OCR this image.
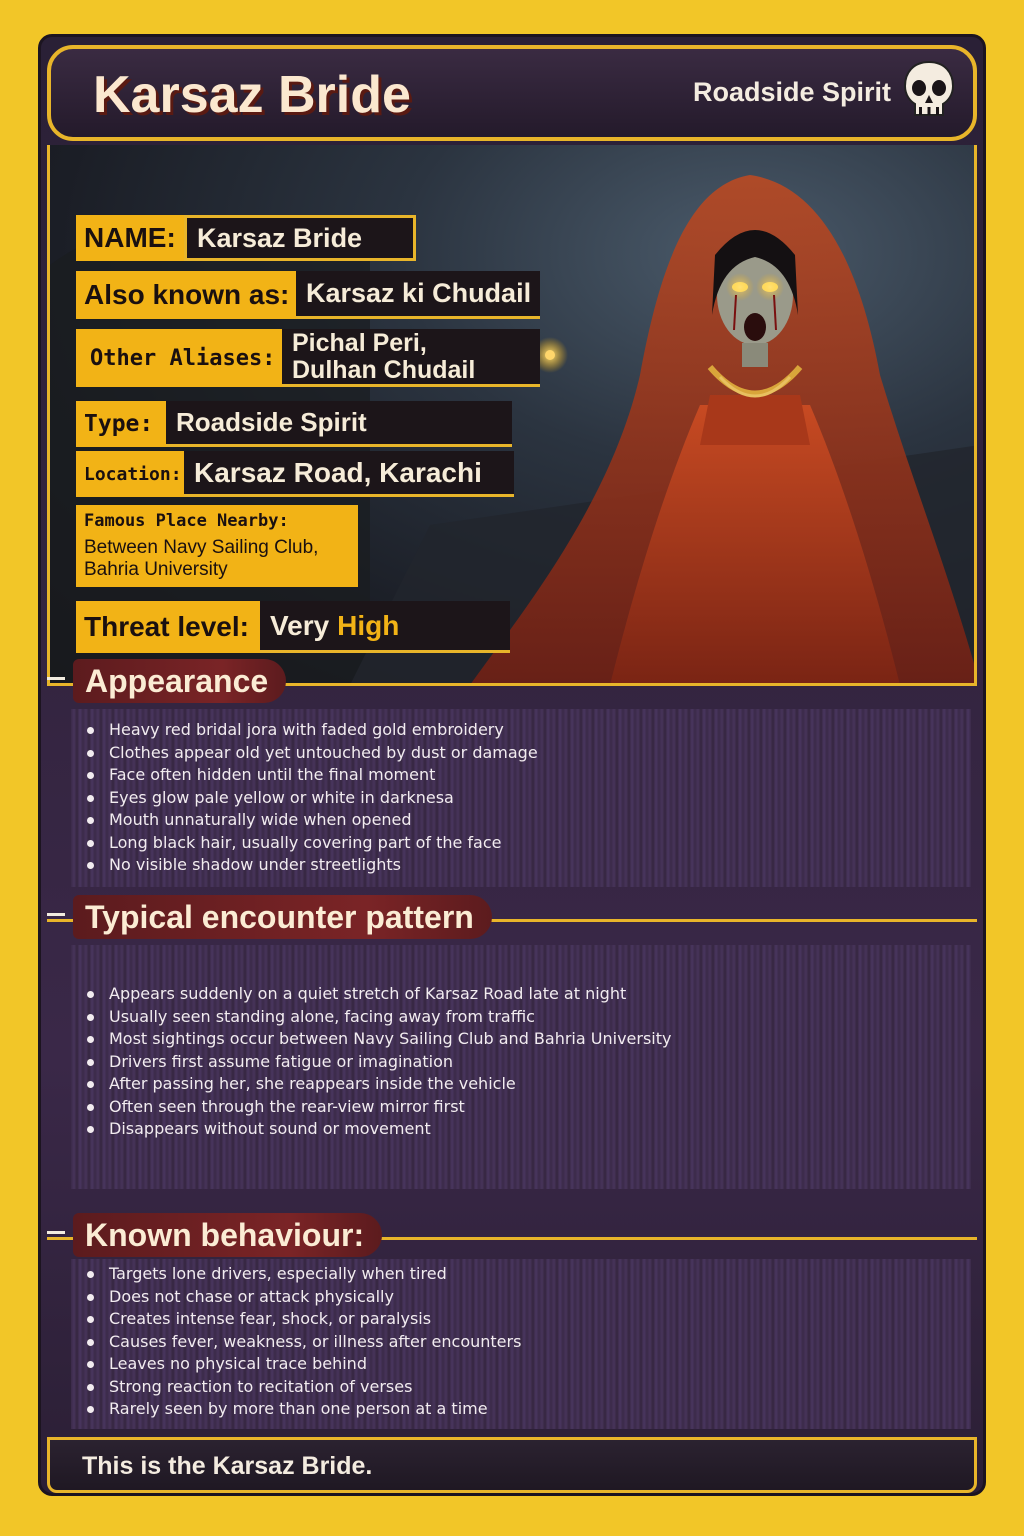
Karsaz Bride	Roadside Spirit
NAME: Karsaz Bride
Also known as: Karsaz ki Chudail
Other Aliases:
Pichal Peri,
Dulhan Chudail
Type: Roadside Spirit
Location: Karsaz Road, Karachi
Famous Place Nearby:
Between Navy Sailing Club,
Bahria University
Threat level: Very High
Appearance
Heavy red bridal jora with faded gold embroidery
Clothes appear old yet untouched by dust or damage
Face often hidden until the final moment
Eyes glow pale yellow or white in darknesa
Mouth unnaturally wide when opened
Long black hair, usually covering part of the face
No visible shadow under streetlights
Typical encounter pattern
Appears suddenly on a quiet stretch of Karsaz Road late at night
Usually seen standing alone, facing away from traffic
Most sightings occur between Navy Sailing Club and Bahria University
Drivers first assume fatigue or imagination
After passing her, she reappears inside the vehicle
Often seen through the rear-view mirror first
Disappears without sound or movement
Known behaviour:
Targets lone drivers, especially when tired
Does not chase or attack physically
Creates intense fear, shock, or paralysis
Causes fever, weakness, or illness after encounters
Leaves no physical trace behind
Strong reaction to recitation of verses
Rarely seen by more than one person at a time
This is the Karsaz Bride.
